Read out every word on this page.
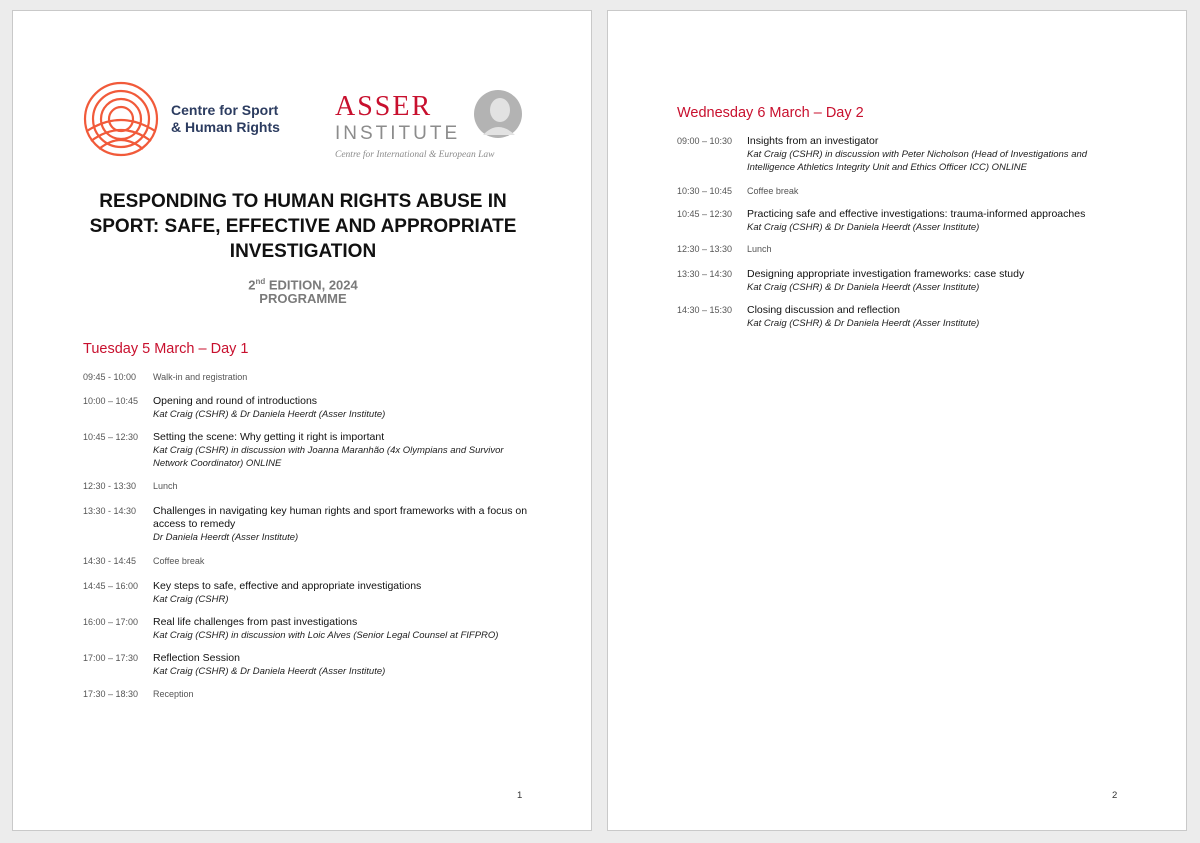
Centre for Sport
& Human Rights
ASSER
INSTITUTE
Centre for International & European Law
RESPONDING TO HUMAN RIGHTS ABUSE IN
SPORT: SAFE, EFFECTIVE AND APPROPRIATE
INVESTIGATION
2nd EDITION, 2024
PROGRAMME
Tuesday 5 March – Day 1
09:45 - 10:00 Walk-in and registration
10:00 – 10:45 Opening and round of introductions
Kat Craig (CSHR) & Dr Daniela Heerdt (Asser Institute)
10:45 – 12:30 Setting the scene: Why getting it right is important
Kat Craig (CSHR) in discussion with Joanna Maranhão (4x Olympians and Survivor Network Coordinator) ONLINE
12:30 - 13:30 Lunch
13:30 - 14:30 Challenges in navigating key human rights and sport frameworks with a focus on access to remedy
Dr Daniela Heerdt (Asser Institute)
14:30 - 14:45 Coffee break
14:45 – 16:00 Key steps to safe, effective and appropriate investigations
Kat Craig (CSHR)
16:00 – 17:00 Real life challenges from past investigations
Kat Craig (CSHR) in discussion with Loic Alves (Senior Legal Counsel at FIFPRO)
17:00 – 17:30 Reflection Session
Kat Craig (CSHR) & Dr Daniela Heerdt (Asser Institute)
17:30 – 18:30 Reception
1
Wednesday 6 March – Day 2
09:00 – 10:30 Insights from an investigator
Kat Craig (CSHR) in discussion with Peter Nicholson (Head of Investigations and Intelligence Athletics Integrity Unit and Ethics Officer ICC) ONLINE
10:30 – 10:45 Coffee break
10:45 – 12:30 Practicing safe and effective investigations: trauma-informed approaches
Kat Craig (CSHR) & Dr Daniela Heerdt (Asser Institute)
12:30 – 13:30 Lunch
13:30 – 14:30 Designing appropriate investigation frameworks: case study
Kat Craig (CSHR) & Dr Daniela Heerdt (Asser Institute)
14:30 – 15:30 Closing discussion and reflection
Kat Craig (CSHR) & Dr Daniela Heerdt (Asser Institute)
2
